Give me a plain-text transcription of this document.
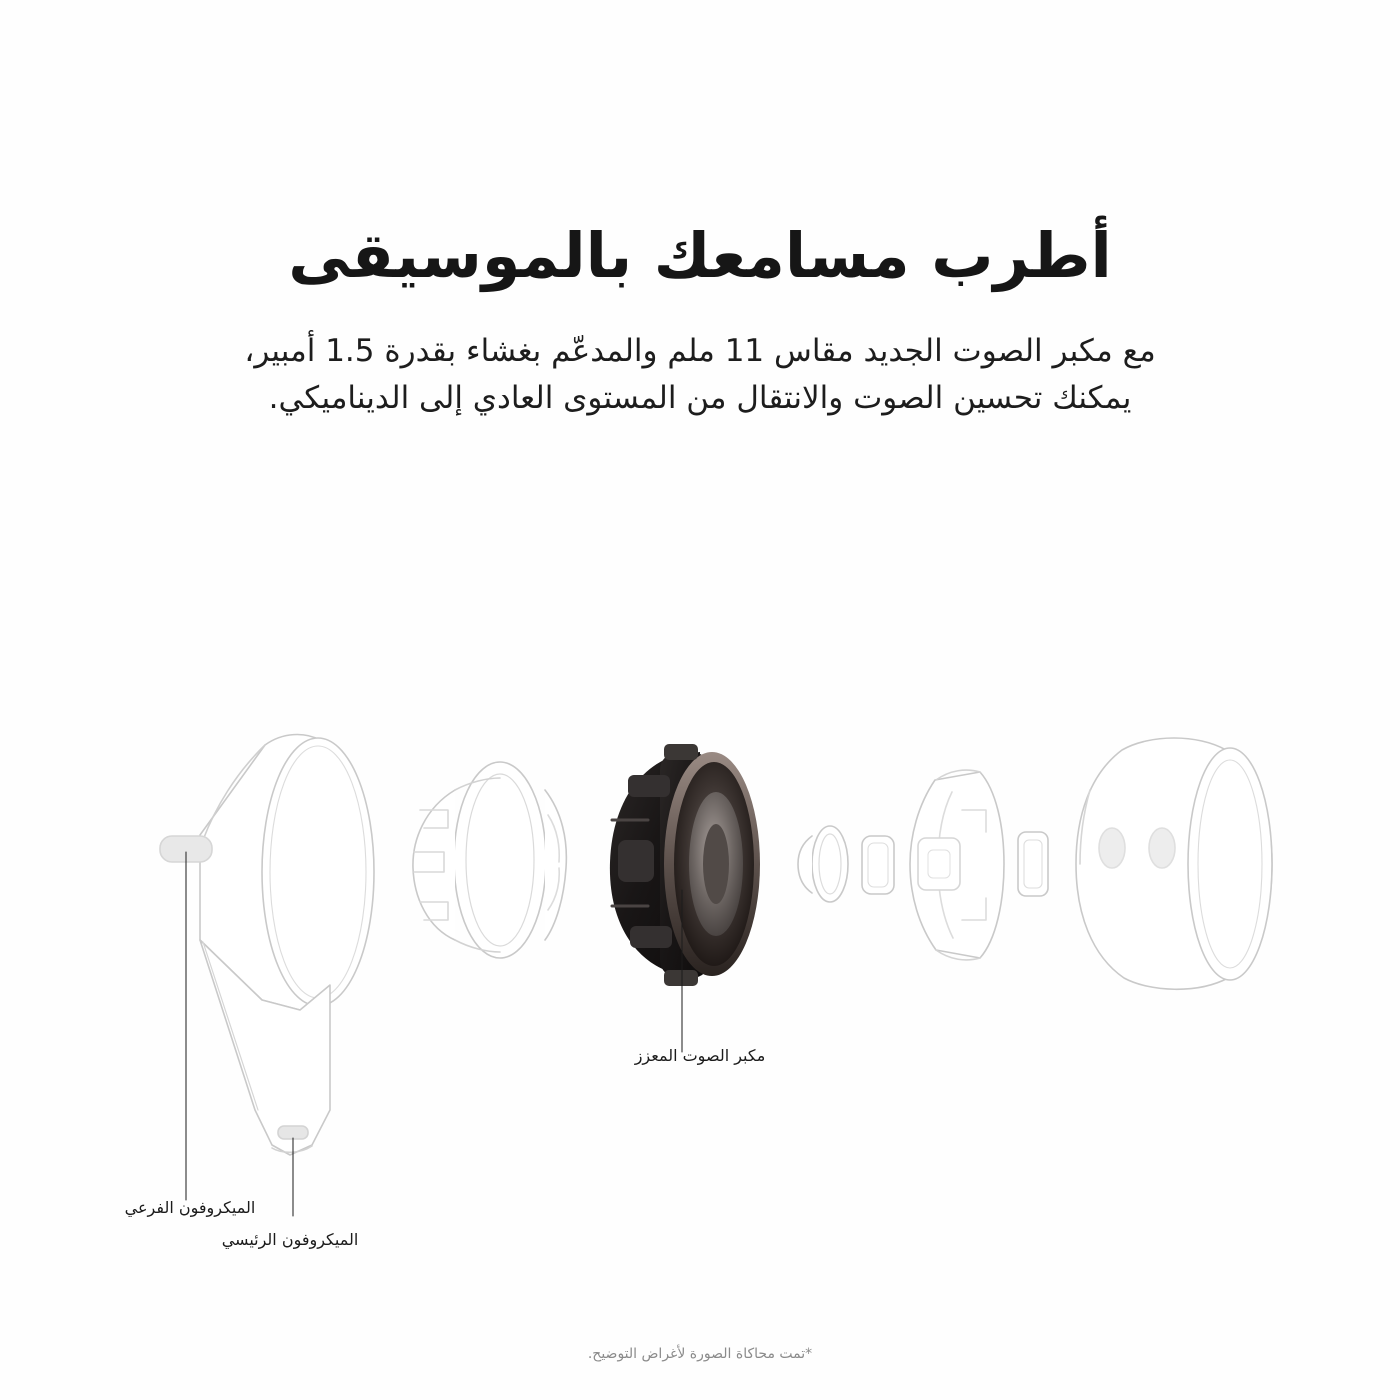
أطرب مسامعك بالموسيقى

مع مكبر الصوت الجديد مقاس 11 ملم والمدعّم بغشاء بقدرة 1.5 أمبير، يمكنك تحسين الصوت والانتقال من المستوى العادي إلى الديناميكي.

مكبر الصوت المعزز
الميكروفون الفرعي
الميكروفون الرئيسي
*تمت محاكاة الصورة لأغراض التوضيح.
